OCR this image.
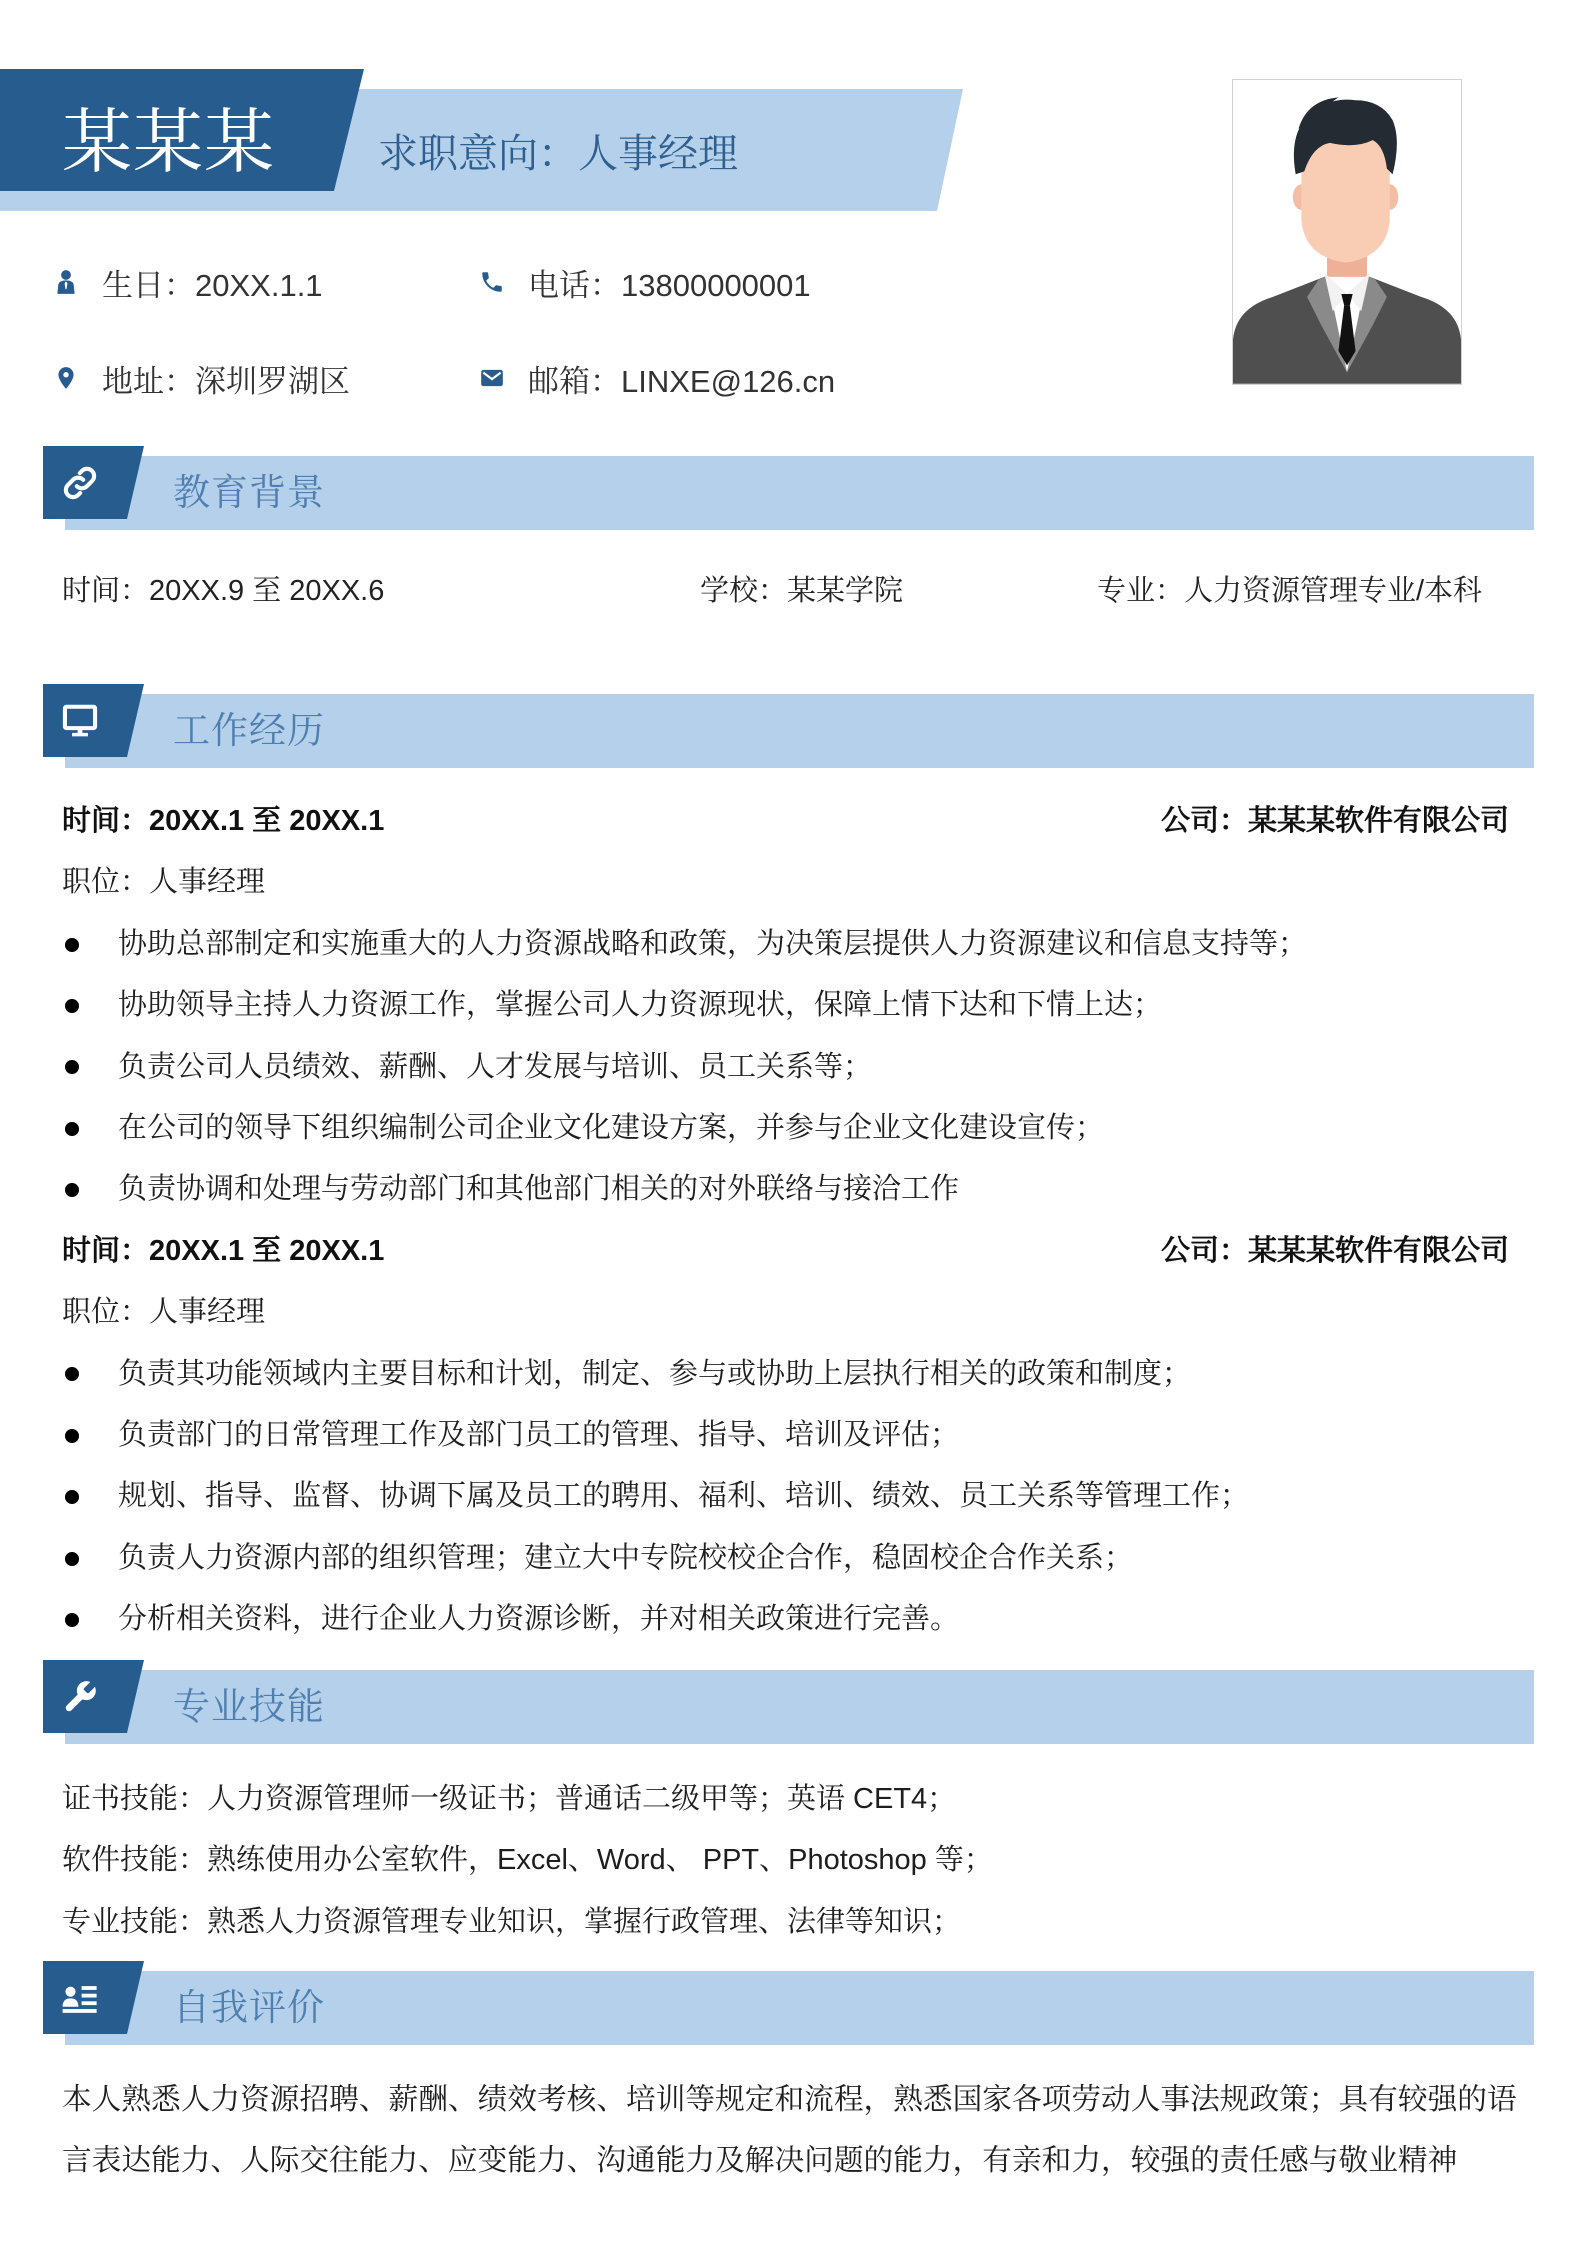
某某某	求职意向：人事经理
生日：20XX.1.1	电话：13800000001
地址：深圳罗湖区	邮箱：LINXE@126.cn
教育背景
时间：20XX.9 至 20XX.6	学校：某某学院	专业：人力资源管理专业/本科
工作经历
时间：20XX.1 至 20XX.1	公司：某某某软件有限公司
职位：人事经理
协助总部制定和实施重大的人力资源战略和政策，为决策层提供人力资源建议和信息支持等；
协助领导主持人力资源工作，掌握公司人力资源现状，保障上情下达和下情上达；
负责公司人员绩效、薪酬、人才发展与培训、员工关系等；
在公司的领导下组织编制公司企业文化建设方案，并参与企业文化建设宣传；
负责协调和处理与劳动部门和其他部门相关的对外联络与接洽工作
时间：20XX.1 至 20XX.1	公司：某某某软件有限公司
职位：人事经理
负责其功能领域内主要目标和计划，制定、参与或协助上层执行相关的政策和制度；
负责部门的日常管理工作及部门员工的管理、指导、培训及评估；
规划、指导、监督、协调下属及员工的聘用、福利、培训、绩效、员工关系等管理工作；
负责人力资源内部的组织管理；建立大中专院校校企合作，稳固校企合作关系；
分析相关资料，进行企业人力资源诊断，并对相关政策进行完善。
专业技能
证书技能：人力资源管理师一级证书；普通话二级甲等；英语 CET4；
软件技能：熟练使用办公室软件，Excel、Word、 PPT、Photoshop 等；
专业技能：熟悉人力资源管理专业知识，掌握行政管理、法律等知识；
自我评价
本人熟悉人力资源招聘、薪酬、绩效考核、培训等规定和流程，熟悉国家各项劳动人事法规政策；具有较强的语言表达能力、人际交往能力、应变能力、沟通能力及解决问题的能力，有亲和力，较强的责任感与敬业精神
